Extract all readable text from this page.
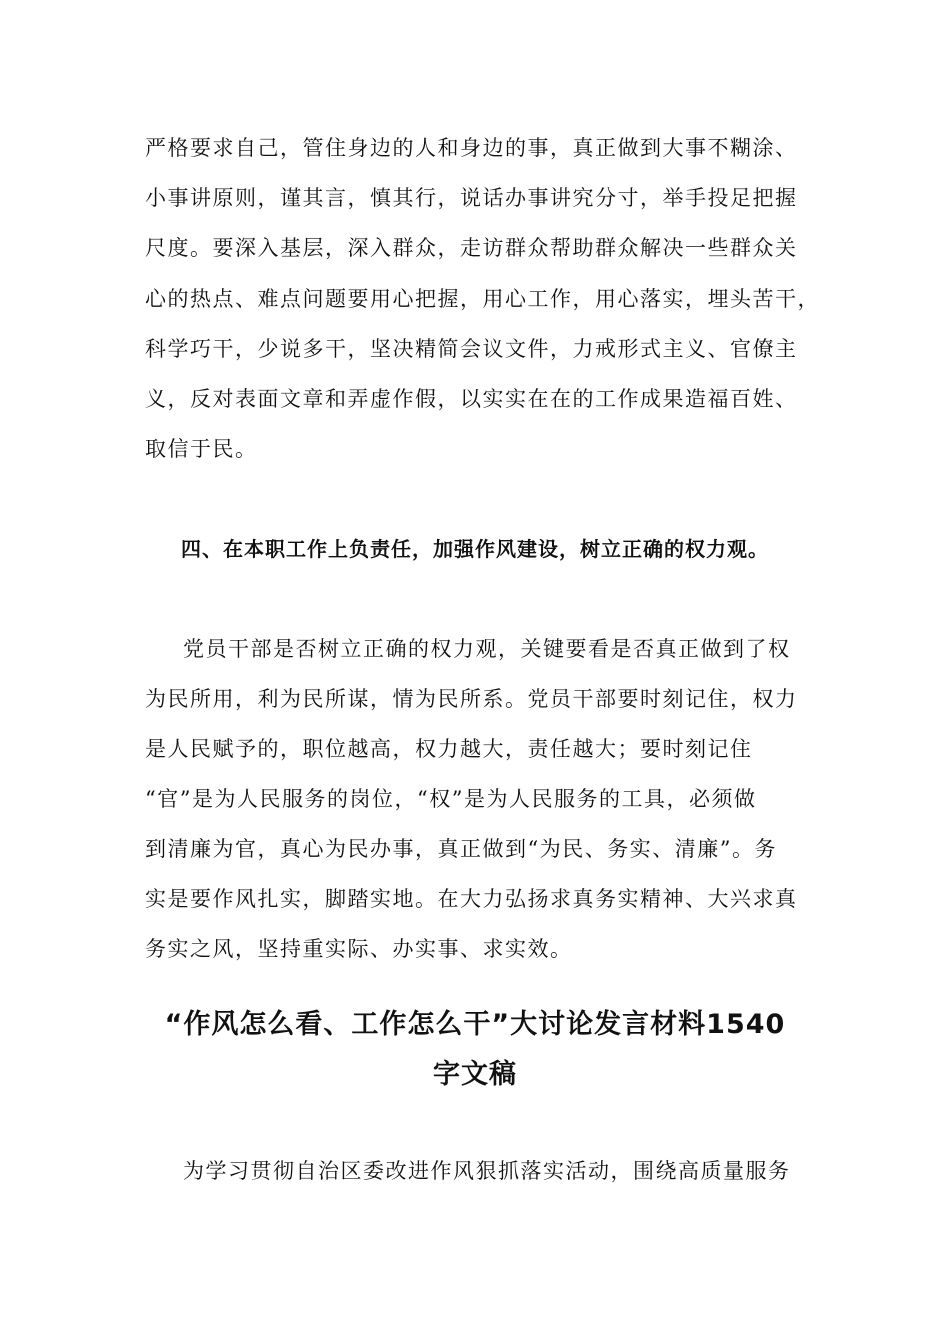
严格要求自己，管住身边的人和身边的事，真正做到大事不糊涂、
小事讲原则，谨其言，慎其行，说话办事讲究分寸，举手投足把握
尺度。要深入基层，深入群众，走访群众帮助群众解决一些群众关
心的热点、难点问题要用心把握，用心工作，用心落实，埋头苦干，
科学巧干，少说多干，坚决精简会议文件，力戒形式主义、官僚主
义，反对表面文章和弄虚作假，以实实在在的工作成果造福百姓、
取信于民。
四、在本职工作上负责任，加强作风建设，树立正确的权力观。
党员干部是否树立正确的权力观，关键要看是否真正做到了权
为民所用，利为民所谋，情为民所系。党员干部要时刻记住，权力
是人民赋予的，职位越高，权力越大，责任越大；要时刻记住
“官”是为人民服务的岗位，“权”是为人民服务的工具，必须做
到清廉为官，真心为民办事，真正做到“为民、务实、清廉”。务
实是要作风扎实，脚踏实地。在大力弘扬求真务实精神、大兴求真
务实之风，坚持重实际、办实事、求实效。
“作风怎么看、工作怎么干”大讨论发言材料1540
字文稿
为学习贯彻自治区委改进作风狠抓落实活动，围绕高质量服务
